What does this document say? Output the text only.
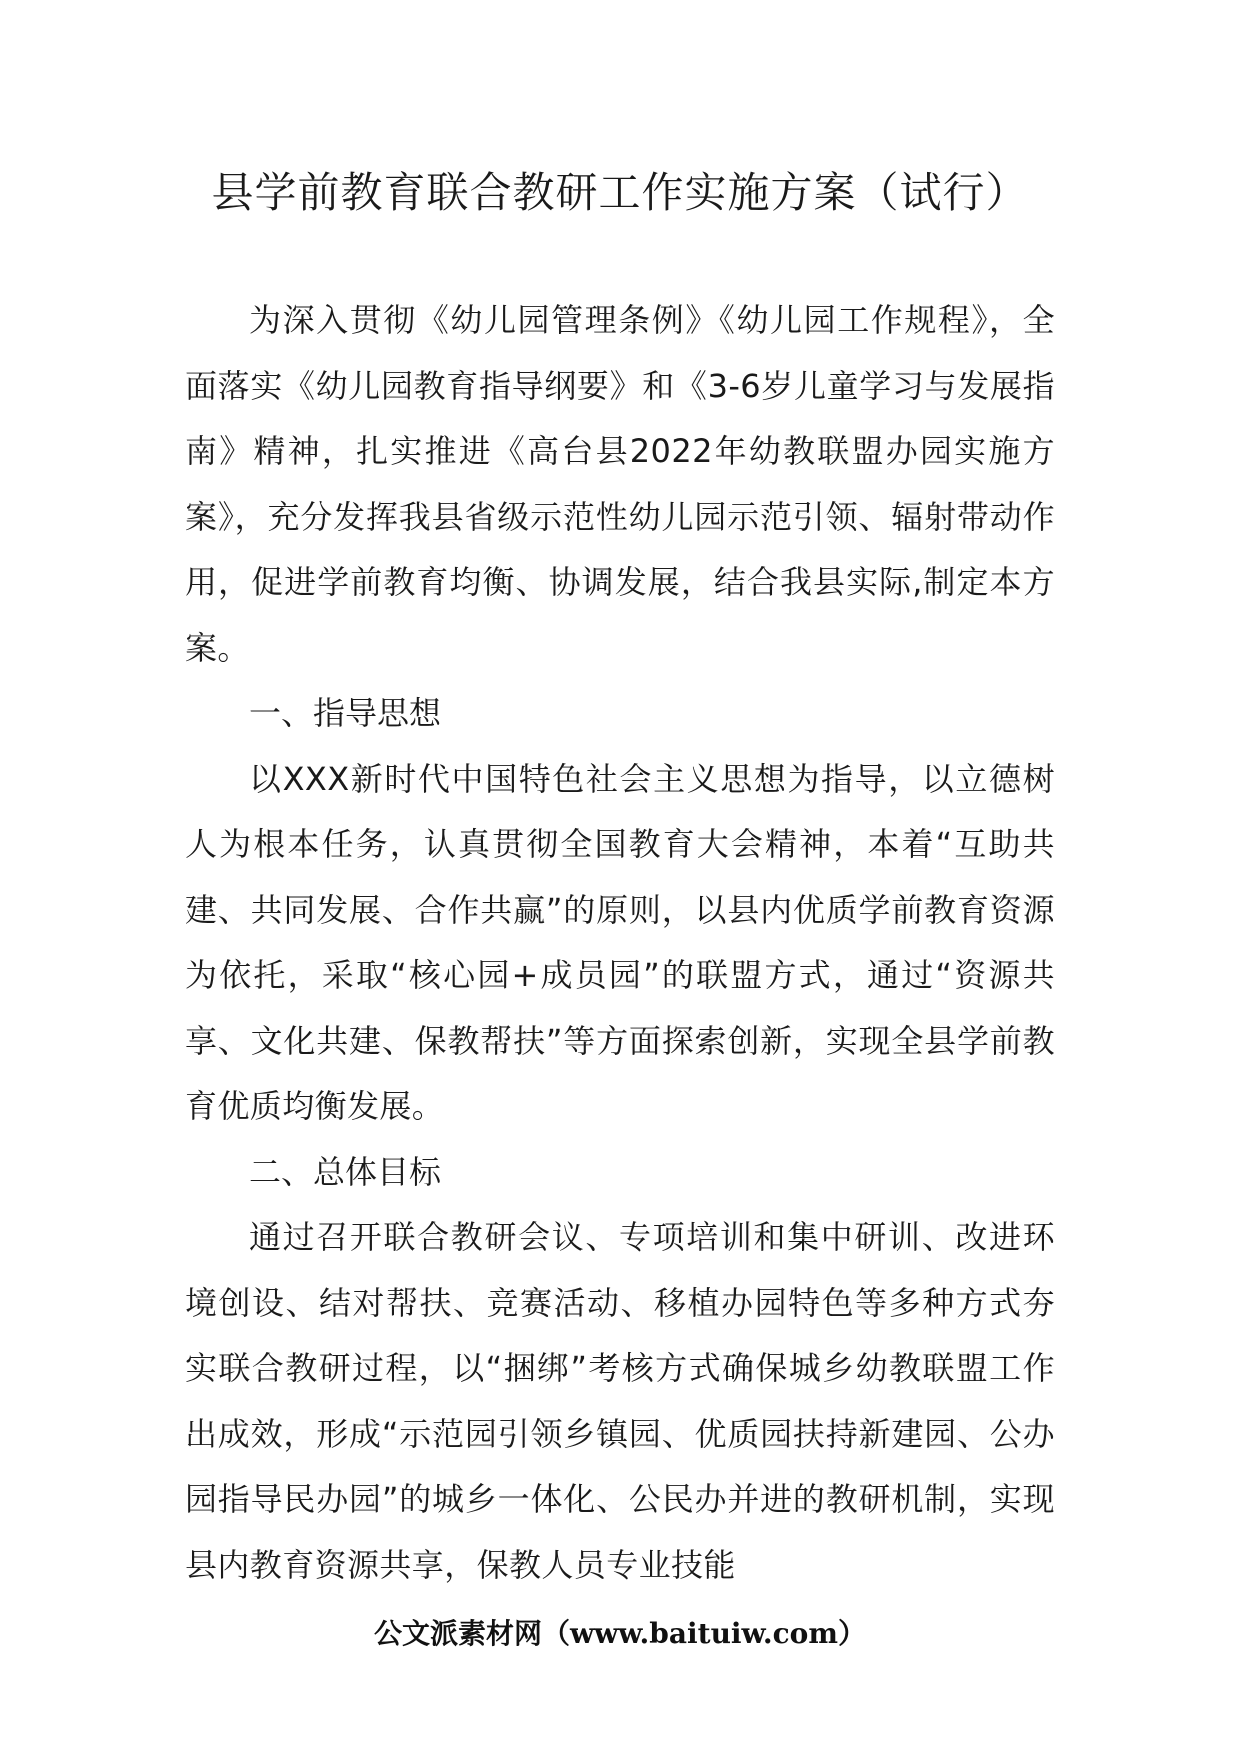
县学前教育联合教研工作实施方案（试行）

为深入贯彻《幼儿园管理条例》《幼儿园工作规程》，全面落实《幼儿园教育指导纲要》和《3-6岁儿童学习与发展指南》精神，扎实推进《高台县2022年幼教联盟办园实施方案》，充分发挥我县省级示范性幼儿园示范引领、辐射带动作用，促进学前教育均衡、协调发展，结合我县实际,制定本方案。

一、指导思想

以XXX新时代中国特色社会主义思想为指导，以立德树人为根本任务，认真贯彻全国教育大会精神，本着“互助共建、共同发展、合作共赢”的原则，以县内优质学前教育资源为依托，采取“核心园+成员园”的联盟方式，通过“资源共享、文化共建、保教帮扶”等方面探索创新，实现全县学前教育优质均衡发展。

二、总体目标

通过召开联合教研会议、专项培训和集中研训、改进环境创设、结对帮扶、竞赛活动、移植办园特色等多种方式夯实联合教研过程，以“捆绑”考核方式确保城乡幼教联盟工作出成效，形成“示范园引领乡镇园、优质园扶持新建园、公办园指导民办园”的城乡一体化、公民办并进的教研机制，实现县内教育资源共享，保教人员专业技能

公文派素材网（www.baituiw.com）
